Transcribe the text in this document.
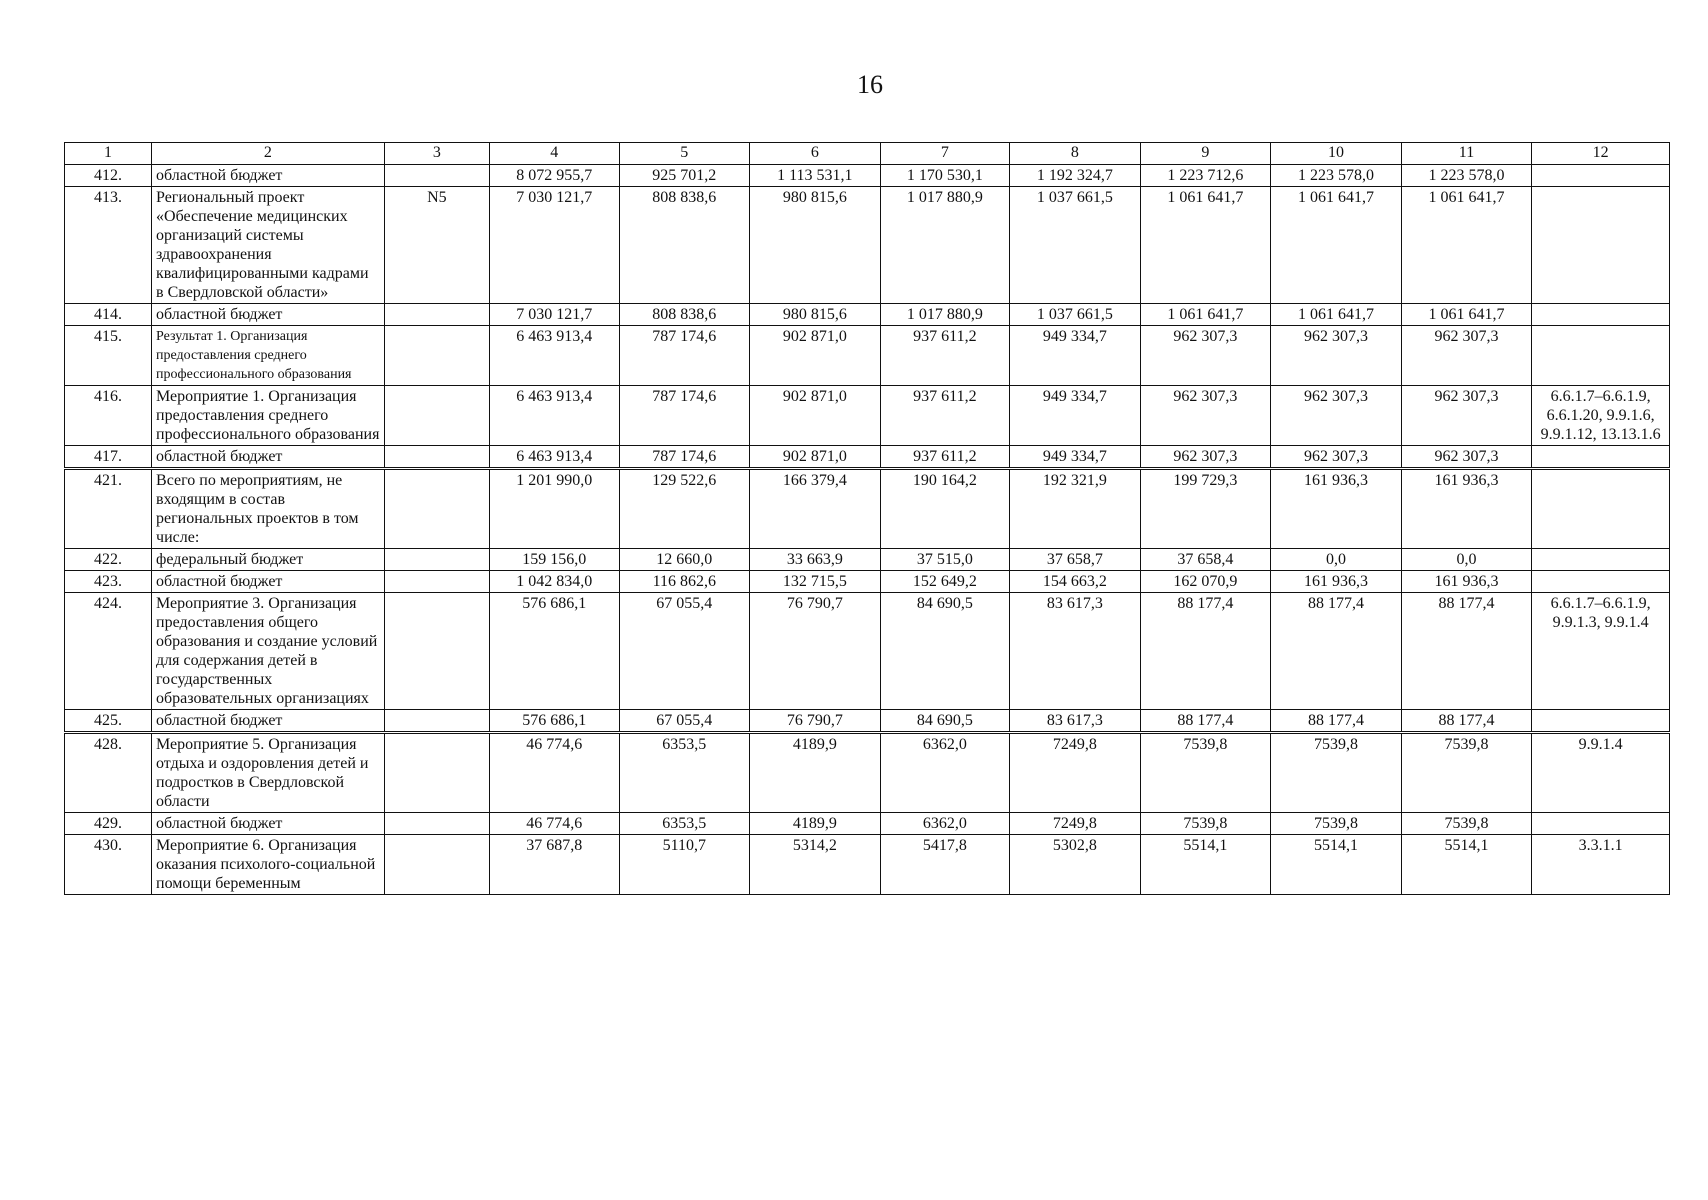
16
1	2	3	4	5	6	7	8	9	10	11	12
412.	областной бюджет		8 072 955,7	925 701,2	1 113 531,1	1 170 530,1	1 192 324,7	1 223 712,6	1 223 578,0	1 223 578,0	
413.	Региональный проект «Обеспечение медицинских организаций системы здравоохранения квалифицированными кадрами в Свердловской области»	N5	7 030 121,7	808 838,6	980 815,6	1 017 880,9	1 037 661,5	1 061 641,7	1 061 641,7	1 061 641,7	
414.	областной бюджет		7 030 121,7	808 838,6	980 815,6	1 017 880,9	1 037 661,5	1 061 641,7	1 061 641,7	1 061 641,7	
415.	Результат 1. Организация предоставления среднего профессионального образования		6 463 913,4	787 174,6	902 871,0	937 611,2	949 334,7	962 307,3	962 307,3	962 307,3	
416.	Мероприятие 1. Организация предоставления среднего профессионального образования		6 463 913,4	787 174,6	902 871,0	937 611,2	949 334,7	962 307,3	962 307,3	962 307,3	6.6.1.7–6.6.1.9, 6.6.1.20, 9.9.1.6, 9.9.1.12, 13.13.1.6
417.	областной бюджет		6 463 913,4	787 174,6	902 871,0	937 611,2	949 334,7	962 307,3	962 307,3	962 307,3	
421.	Всего по мероприятиям, не входящим в состав региональных проектов в том числе:		1 201 990,0	129 522,6	166 379,4	190 164,2	192 321,9	199 729,3	161 936,3	161 936,3	
422.	федеральный бюджет		159 156,0	12 660,0	33 663,9	37 515,0	37 658,7	37 658,4	0,0	0,0	
423.	областной бюджет		1 042 834,0	116 862,6	132 715,5	152 649,2	154 663,2	162 070,9	161 936,3	161 936,3	
424.	Мероприятие 3. Организация предоставления общего образования и создание условий для содержания детей в государственных образовательных организациях		576 686,1	67 055,4	76 790,7	84 690,5	83 617,3	88 177,4	88 177,4	88 177,4	6.6.1.7–6.6.1.9, 9.9.1.3, 9.9.1.4
425.	областной бюджет		576 686,1	67 055,4	76 790,7	84 690,5	83 617,3	88 177,4	88 177,4	88 177,4	
428.	Мероприятие 5. Организация отдыха и оздоровления детей и подростков в Свердловской области		46 774,6	6353,5	4189,9	6362,0	7249,8	7539,8	7539,8	7539,8	9.9.1.4
429.	областной бюджет		46 774,6	6353,5	4189,9	6362,0	7249,8	7539,8	7539,8	7539,8	
430.	Мероприятие 6. Организация оказания психолого-социальной помощи беременным		37 687,8	5110,7	5314,2	5417,8	5302,8	5514,1	5514,1	5514,1	3.3.1.1
